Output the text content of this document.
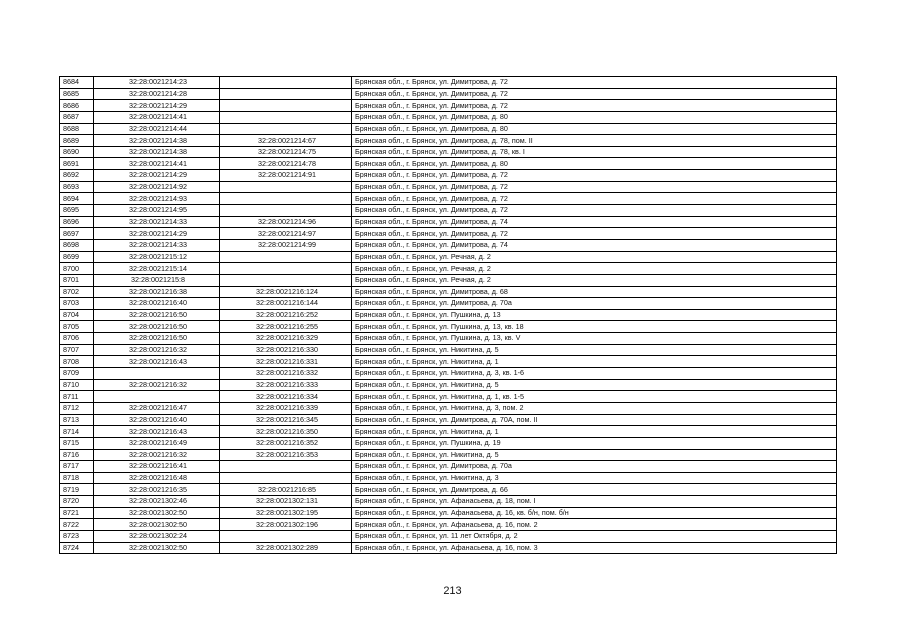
8684	32:28:0021214:23		Брянская обл., г. Брянск, ул. Димитрова, д. 72
8685	32:28:0021214:28		Брянская обл., г. Брянск, ул. Димитрова, д. 72
8686	32:28:0021214:29		Брянская обл., г. Брянск, ул. Димитрова, д. 72
8687	32:28:0021214:41		Брянская обл., г. Брянск, ул. Димитрова, д. 80
8688	32:28:0021214:44		Брянская обл., г. Брянск, ул. Димитрова, д. 80
8689	32:28:0021214:38	32:28:0021214:67	Брянская обл., г. Брянск, ул. Димитрова, д. 78, пом. II
8690	32:28:0021214:38	32:28:0021214:75	Брянская обл., г. Брянск, ул. Димитрова, д. 78, кв. I
8691	32:28:0021214:41	32:28:0021214:78	Брянская обл., г. Брянск, ул. Димитрова, д. 80
8692	32:28:0021214:29	32:28:0021214:91	Брянская обл., г. Брянск, ул. Димитрова, д. 72
8693	32:28:0021214:92		Брянская обл., г. Брянск, ул. Димитрова, д. 72
8694	32:28:0021214:93		Брянская обл., г. Брянск, ул. Димитрова, д. 72
8695	32:28:0021214:95		Брянская обл., г. Брянск, ул. Димитрова, д. 72
8696	32:28:0021214:33	32:28:0021214:96	Брянская обл., г. Брянск, ул. Димитрова, д. 74
8697	32:28:0021214:29	32:28:0021214:97	Брянская обл., г. Брянск, ул. Димитрова, д. 72
8698	32:28:0021214:33	32:28:0021214:99	Брянская обл., г. Брянск, ул. Димитрова, д. 74
8699	32:28:0021215:12		Брянская обл., г. Брянск, ул. Речная, д. 2
8700	32:28:0021215:14		Брянская обл., г. Брянск, ул. Речная, д. 2
8701	32:28:0021215:8		Брянская обл., г. Брянск, ул. Речная, д. 2
8702	32:28:0021216:38	32:28:0021216:124	Брянская обл., г. Брянск, ул. Димитрова, д. 68
8703	32:28:0021216:40	32:28:0021216:144	Брянская обл., г. Брянск, ул. Димитрова, д. 70а
8704	32:28:0021216:50	32:28:0021216:252	Брянская обл., г. Брянск, ул. Пушкина, д. 13
8705	32:28:0021216:50	32:28:0021216:255	Брянская обл., г. Брянск, ул. Пушкина, д. 13, кв. 18
8706	32:28:0021216:50	32:28:0021216:329	Брянская обл., г. Брянск, ул. Пушкина, д. 13, кв. V
8707	32:28:0021216:32	32:28:0021216:330	Брянская обл., г. Брянск, ул. Никитина, д. 5
8708	32:28:0021216:43	32:28:0021216:331	Брянская обл., г. Брянск, ул. Никитина, д. 1
8709		32:28:0021216:332	Брянская обл., г. Брянск, ул. Никитина, д. 3, кв. 1-6
8710	32:28:0021216:32	32:28:0021216:333	Брянская обл., г. Брянск, ул. Никитина, д. 5
8711		32:28:0021216:334	Брянская обл., г. Брянск, ул. Никитина, д. 1, кв. 1-5
8712	32:28:0021216:47	32:28:0021216:339	Брянская обл., г. Брянск, ул. Никитина, д. 3, пом. 2
8713	32:28:0021216:40	32:28:0021216:345	Брянская обл., г. Брянск, ул. Димитрова, д. 70А, пом. II
8714	32:28:0021216:43	32:28:0021216:350	Брянская обл., г. Брянск, ул. Никитина, д. 1
8715	32:28:0021216:49	32:28:0021216:352	Брянская обл., г. Брянск, ул. Пушкина, д. 19
8716	32:28:0021216:32	32:28:0021216:353	Брянская обл., г. Брянск, ул. Никитина, д. 5
8717	32:28:0021216:41		Брянская обл., г. Брянск, ул. Димитрова, д. 70а
8718	32:28:0021216:48		Брянская обл., г. Брянск, ул. Никитина, д. 3
8719	32:28:0021216:35	32:28:0021216:85	Брянская обл., г. Брянск, ул. Димитрова, д. 66
8720	32:28:0021302:46	32:28:0021302:131	Брянская обл., г. Брянск, ул. Афанасьева, д. 18, пом. I
8721	32:28:0021302:50	32:28:0021302:195	Брянская обл., г. Брянск, ул. Афанасьева, д. 16, кв. б/н, пом. б/н
8722	32:28:0021302:50	32:28:0021302:196	Брянская обл., г. Брянск, ул. Афанасьева, д. 16, пом. 2
8723	32:28:0021302:24		Брянская обл., г. Брянск, ул. 11 лет Октября, д. 2
8724	32:28:0021302:50	32:28:0021302:289	Брянская обл., г. Брянск, ул. Афанасьева, д. 16, пом. 3
213
